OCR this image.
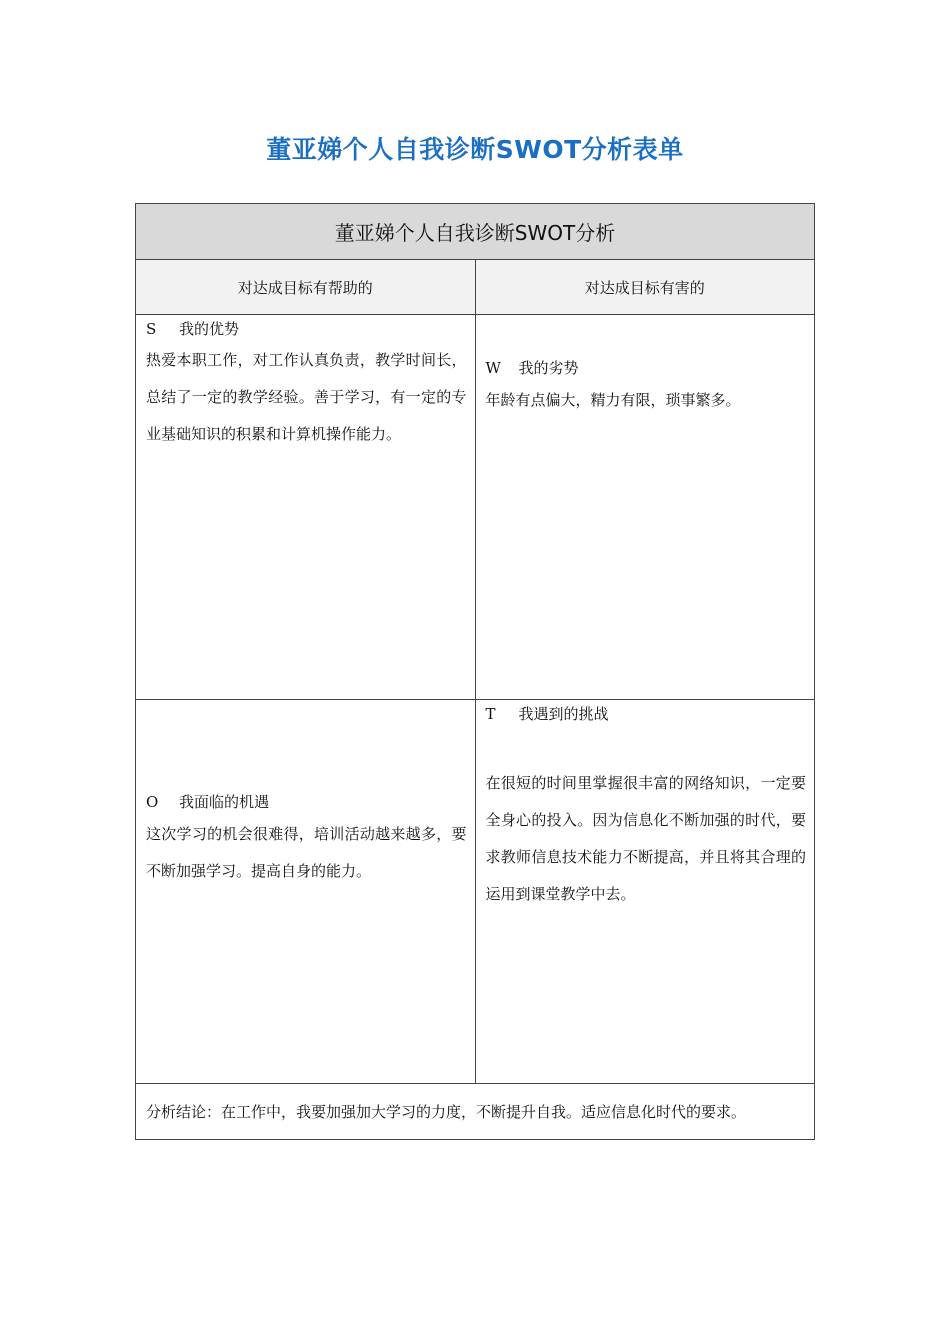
董亚娣个人自我诊断SWOT分析表单
董亚娣个人自我诊断SWOT分析
对达成目标有帮助的	对达成目标有害的
S 我的优势
热爱本职工作，对工作认真负责，教学时间长，总结了一定的教学经验。善于学习，有一定的专业基础知识的积累和计算机操作能力。
W 我的劣势
年龄有点偏大，精力有限，琐事繁多。
O 我面临的机遇
这次学习的机会很难得，培训活动越来越多，要不断加强学习。提高自身的能力。
T 我遇到的挑战
在很短的时间里掌握很丰富的网络知识，一定要全身心的投入。因为信息化不断加强的时代，要求教师信息技术能力不断提高，并且将其合理的运用到课堂教学中去。
分析结论：在工作中，我要加强加大学习的力度，不断提升自我。适应信息化时代的要求。
